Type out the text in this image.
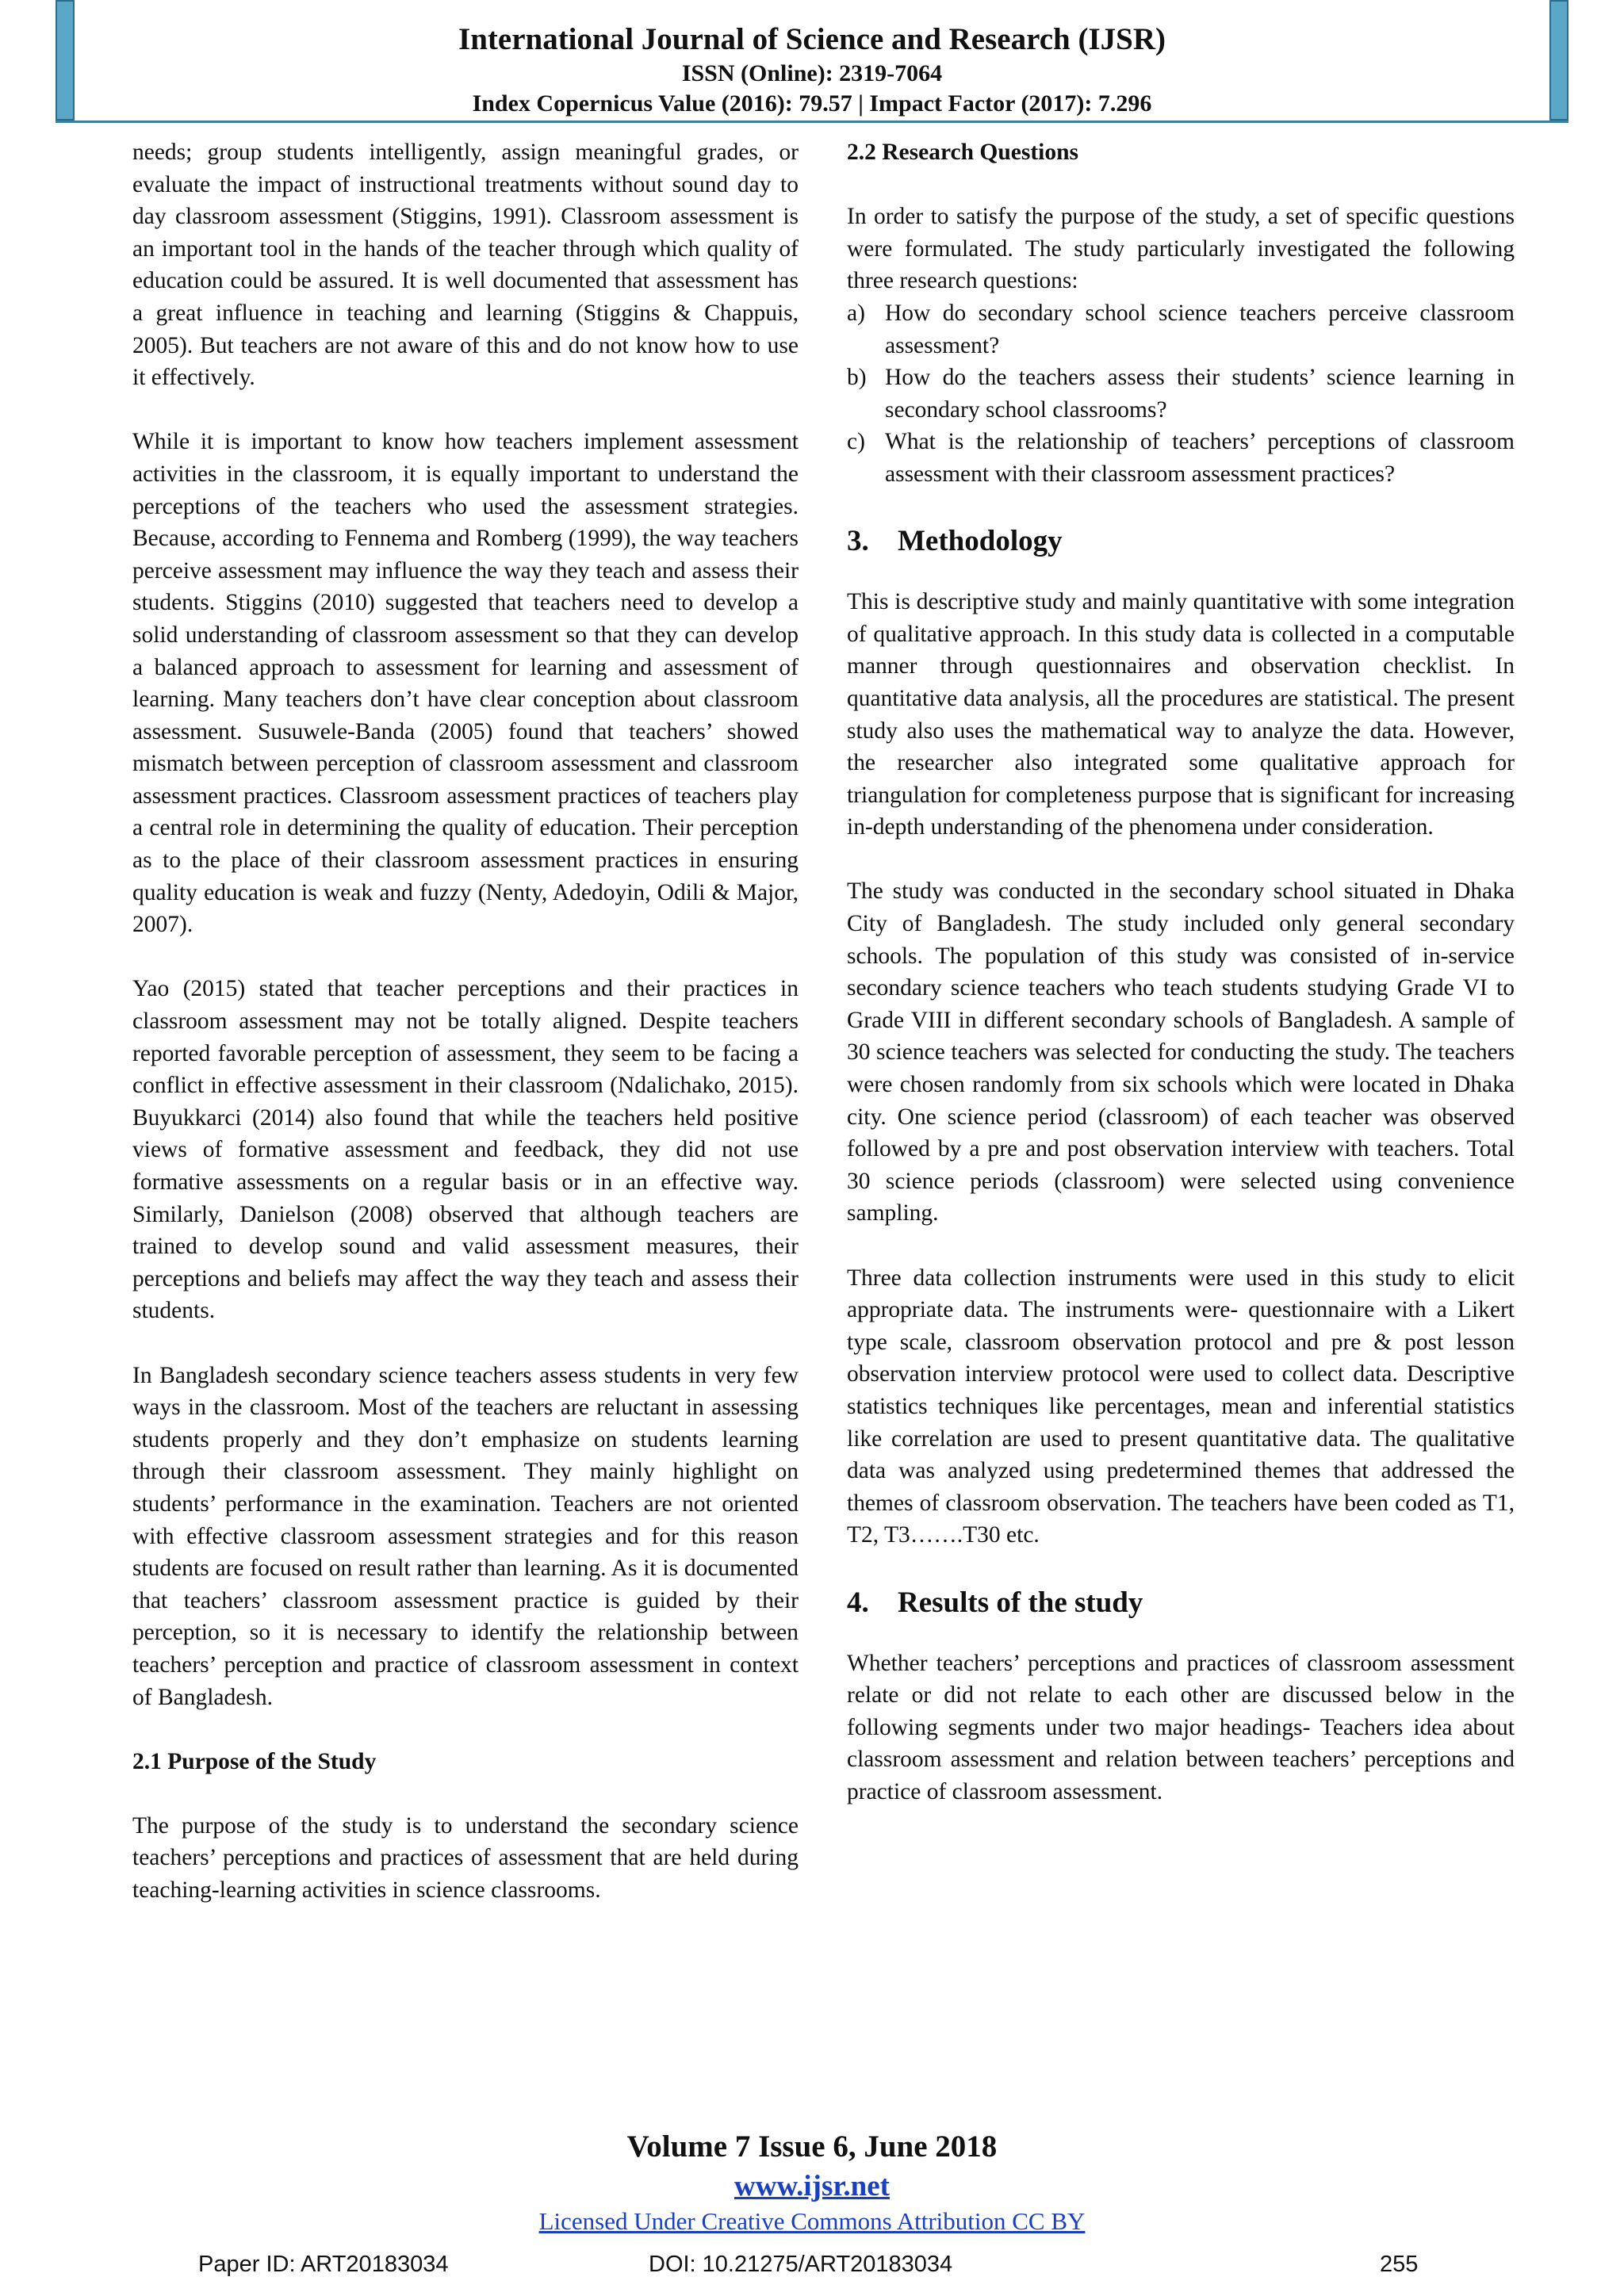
International Journal of Science and Research (IJSR)
ISSN (Online): 2319-7064
Index Copernicus Value (2016): 79.57 | Impact Factor (2017): 7.296

needs; group students intelligently, assign meaningful grades, or evaluate the impact of instructional treatments without sound day to day classroom assessment (Stiggins, 1991). Classroom assessment is an important tool in the hands of the teacher through which quality of education could be assured. It is well documented that assessment has a great influence in teaching and learning (Stiggins & Chappuis, 2005). But teachers are not aware of this and do not know how to use it effectively.

While it is important to know how teachers implement assessment activities in the classroom, it is equally important to understand the perceptions of the teachers who used the assessment strategies. Because, according to Fennema and Romberg (1999), the way teachers perceive assessment may influence the way they teach and assess their students. Stiggins (2010) suggested that teachers need to develop a solid understanding of classroom assessment so that they can develop a balanced approach to assessment for learning and assessment of learning. Many teachers don’t have clear conception about classroom assessment. Susuwele-Banda (2005) found that teachers’ showed mismatch between perception of classroom assessment and classroom assessment practices. Classroom assessment practices of teachers play a central role in determining the quality of education. Their perception as to the place of their classroom assessment practices in ensuring quality education is weak and fuzzy (Nenty, Adedoyin, Odili & Major, 2007).

Yao (2015) stated that teacher perceptions and their practices in classroom assessment may not be totally aligned. Despite teachers reported favorable perception of assessment, they seem to be facing a conflict in effective assessment in their classroom (Ndalichako, 2015). Buyukkarci (2014) also found that while the teachers held positive views of formative assessment and feedback, they did not use formative assessments on a regular basis or in an effective way. Similarly, Danielson (2008) observed that although teachers are trained to develop sound and valid assessment measures, their perceptions and beliefs may affect the way they teach and assess their students.

In Bangladesh secondary science teachers assess students in very few ways in the classroom. Most of the teachers are reluctant in assessing students properly and they don’t emphasize on students learning through their classroom assessment. They mainly highlight on students’ performance in the examination. Teachers are not oriented with effective classroom assessment strategies and for this reason students are focused on result rather than learning. As it is documented that teachers’ classroom assessment practice is guided by their perception, so it is necessary to identify the relationship between teachers’ perception and practice of classroom assessment in context of Bangladesh.

2.1 Purpose of the Study

The purpose of the study is to understand the secondary science teachers’ perceptions and practices of assessment that are held during teaching-learning activities in science classrooms.

2.2 Research Questions

In order to satisfy the purpose of the study, a set of specific questions were formulated. The study particularly investigated the following three research questions:

a) How do secondary school science teachers perceive classroom assessment?
b) How do the teachers assess their students’ science learning in secondary school classrooms?
c) What is the relationship of teachers’ perceptions of classroom assessment with their classroom assessment practices?
3. Methodology

This is descriptive study and mainly quantitative with some integration of qualitative approach. In this study data is collected in a computable manner through questionnaires and observation checklist. In quantitative data analysis, all the procedures are statistical. The present study also uses the mathematical way to analyze the data. However, the researcher also integrated some qualitative approach for triangulation for completeness purpose that is significant for increasing in-depth understanding of the phenomena under consideration.

The study was conducted in the secondary school situated in Dhaka City of Bangladesh. The study included only general secondary schools. The population of this study was consisted of in-service secondary science teachers who teach students studying Grade VI to Grade VIII in different secondary schools of Bangladesh. A sample of 30 science teachers was selected for conducting the study. The teachers were chosen randomly from six schools which were located in Dhaka city. One science period (classroom) of each teacher was observed followed by a pre and post observation interview with teachers. Total 30 science periods (classroom) were selected using convenience sampling.

Three data collection instruments were used in this study to elicit appropriate data. The instruments were- questionnaire with a Likert type scale, classroom observation protocol and pre & post lesson observation interview protocol were used to collect data. Descriptive statistics techniques like percentages, mean and inferential statistics like correlation are used to present quantitative data. The qualitative data was analyzed using predetermined themes that addressed the themes of classroom observation. The teachers have been coded as T1, T2, T3…….T30 etc.

4. Results of the study

Whether teachers’ perceptions and practices of classroom assessment relate or did not relate to each other are discussed below in the following segments under two major headings- Teachers idea about classroom assessment and relation between teachers’ perceptions and practice of classroom assessment.

Volume 7 Issue 6, June 2018
www.ijsr.net
Licensed Under Creative Commons Attribution CC BY
Paper ID: ART20183034	DOI: 10.21275/ART20183034	255
